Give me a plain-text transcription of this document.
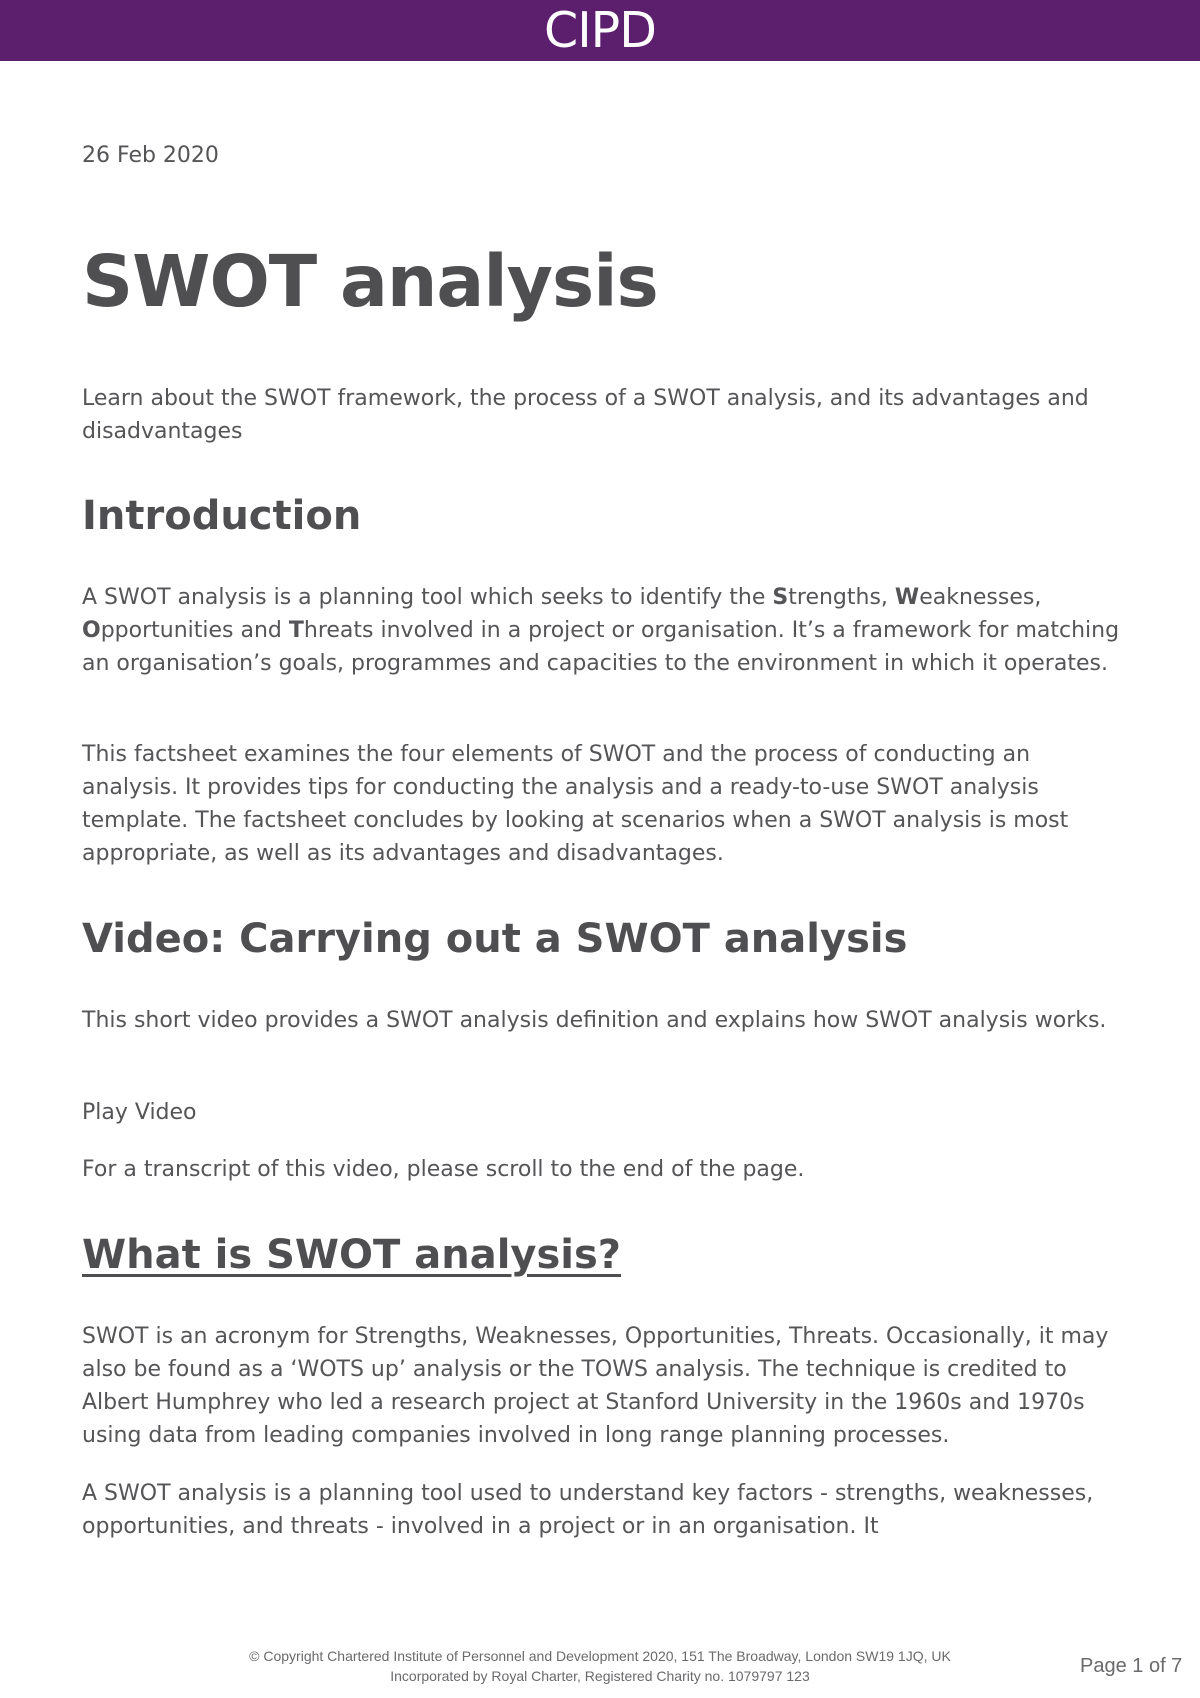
CIPD

26 Feb 2020

SWOT analysis

Learn about the SWOT framework, the process of a SWOT analysis, and its advantages and disadvantages

Introduction

A SWOT analysis is a planning tool which seeks to identify the Strengths, Weaknesses, Opportunities and Threats involved in a project or organisation. It’s a framework for matching an organisation’s goals, programmes and capacities to the environment in which it operates.

This factsheet examines the four elements of SWOT and the process of conducting an analysis. It provides tips for conducting the analysis and a ready-to-use SWOT analysis template. The factsheet concludes by looking at scenarios when a SWOT analysis is most appropriate, as well as its advantages and disadvantages.

Video: Carrying out a SWOT analysis

This short video provides a SWOT analysis definition and explains how SWOT analysis works.

Play Video

For a transcript of this video, please scroll to the end of the page.

What is SWOT analysis?

SWOT is an acronym for Strengths, Weaknesses, Opportunities, Threats. Occasionally, it may also be found as a ‘WOTS up’ analysis or the TOWS analysis. The technique is credited to Albert Humphrey who led a research project at Stanford University in the 1960s and 1970s using data from leading companies involved in long range planning processes.

A SWOT analysis is a planning tool used to understand key factors - strengths, weaknesses, opportunities, and threats - involved in a project or in an organisation. It

© Copyright Chartered Institute of Personnel and Development 2020, 151 The Broadway, London SW19 1JQ, UK
Incorporated by Royal Charter, Registered Charity no. 1079797 123	Page 1 of 7
